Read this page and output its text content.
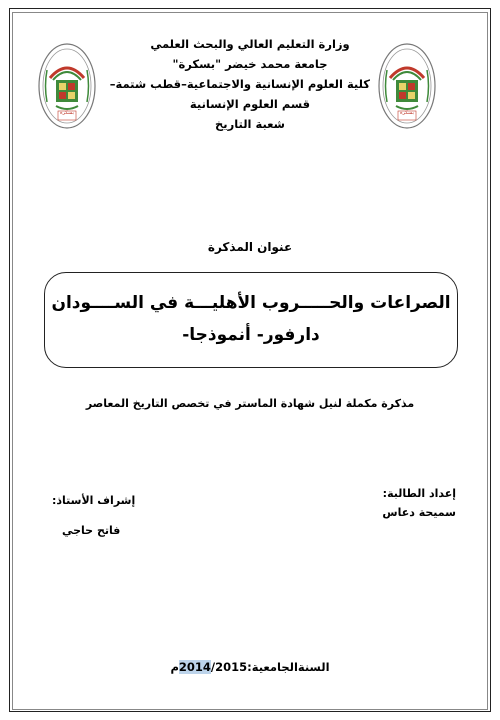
بسكرة	بسكرة
وزارة التعليم العالي والبحث العلمي
جامعة محمد خيضر "بسكرة"
كلية العلوم الإنسانية والاجتماعية–قطب شتمة–
قسم العلوم الإنسانية
شعبة التاريخ
عنوان المذكرة
الصراعات والحـــــروب الأهليـــة في الســــودان
دارفور- أنموذجا-
مذكرة مكملة لنيل شهادة الماستر في تخصص التاريخ المعاصر
إعداد الطالبة:
سميحة دعاس
إشراف الأستاذ:
فاتح حاجي
السنةالجامعية:2014/2015م
